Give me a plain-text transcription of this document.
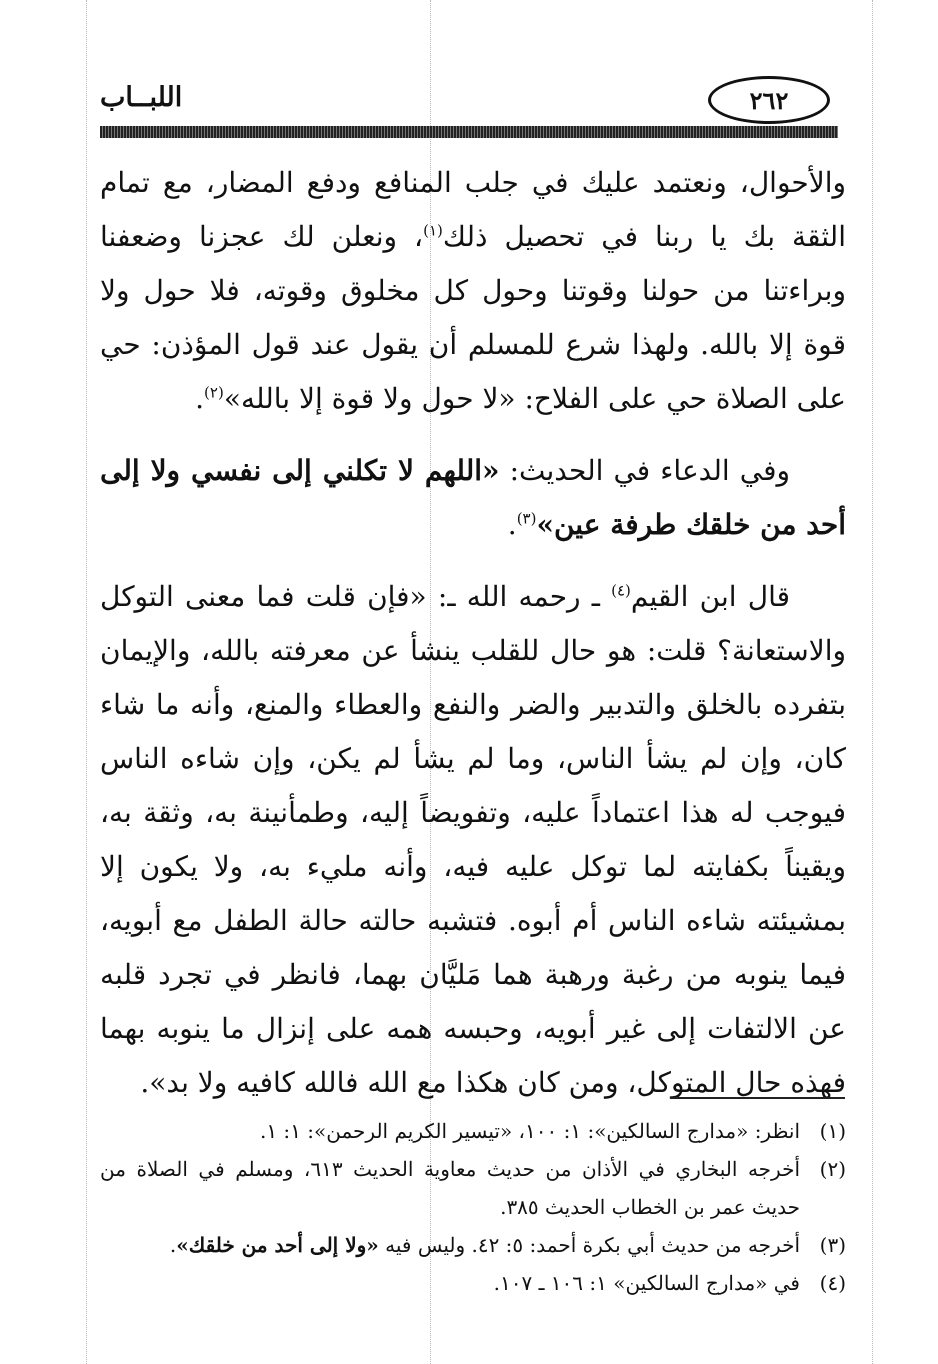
اللبــاب	٢٦٢

والأحوال، ونعتمد عليك في جلب المنافع ودفع المضار، مع تمام الثقة بك يا ربنا في تحصيل ذلك$^{(١)}$، ونعلن لك عجزنا وضعفنا وبراءتنا من حولنا وقوتنا وحول كل مخلوق وقوته، فلا حول ولا قوة إلا بالله. ولهذا شرع للمسلم أن يقول عند قول المؤذن: حي على الصلاة حي على الفلاح: «لا حول ولا قوة إلا بالله»$^{(٢)}$.

  وفي الدعاء في الحديث: «اللهم لا تكلني إلى نفسي ولا إلى أحد من خلقك طرفة عين»$^{(٣)}$.

  قال ابن القيم$^{(٤)}$ ـ رحمه الله ـ: «فإن قلت فما معنى التوكل والاستعانة؟ قلت: هو حال للقلب ينشأ عن معرفته بالله، والإيمان بتفرده بالخلق والتدبير والضر والنفع والعطاء والمنع، وأنه ما شاء كان، وإن لم يشأ الناس، وما لم يشأ لم يكن، وإن شاءه الناس فيوجب له هذا اعتماداً عليه، وتفويضاً إليه، وطمأنينة به، وثقة به، ويقيناً بكفايته لما توكل عليه فيه، وأنه مليء به، ولا يكون إلا بمشيئته شاءه الناس أم أبوه. فتشبه حالته حالة الطفل مع أبويه، فيما ينوبه من رغبة ورهبة هما مَليَّان بهما، فانظر في تجرد قلبه عن الالتفات إلى غير أبويه، وحبسه همه على إنزال ما ينوبه بهما فهذه حال المتوكل، ومن كان هكذا مع الله فالله كافيه ولا بد».

(١)
انظر: «مدارج السالكين»: ١: ١٠٠، «تيسير الكريم الرحمن»: ١: ١.
(٢)
أخرجه البخاري في الأذان من حديث معاوية الحديث ٦١٣، ومسلم في الصلاة من حديث عمر بن الخطاب الحديث ٣٨٥.
(٣)
أخرجه من حديث أبي بكرة أحمد: ٥: ٤٢. وليس فيه «ولا إلى أحد من خلقك».
(٤)
في «مدارج السالكين» ١: ١٠٦ ـ ١٠٧.
